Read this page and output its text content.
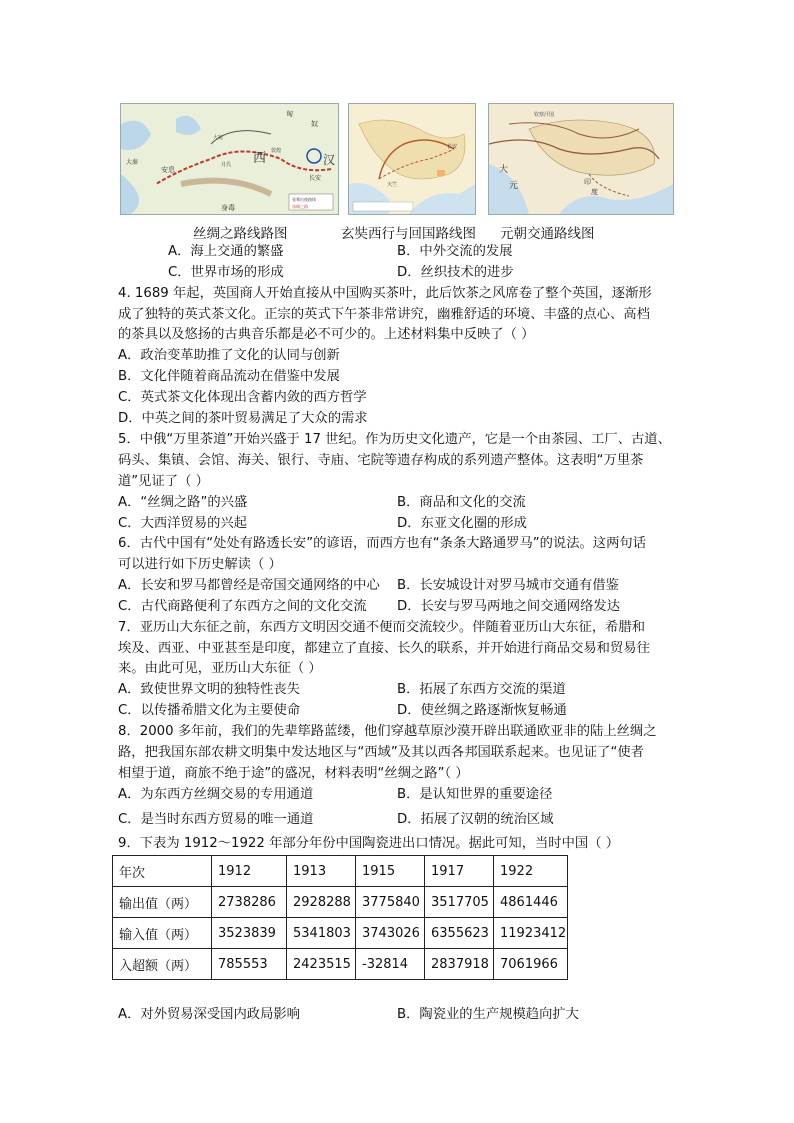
西	汉
长安
安息
身毒
匈
奴
敦煌
大宛
月氏
大秦
张骞出使路线
丝绸之路
长安
天竺
钦察汗国
大
元	印
度
丝绸之路线路图	玄奘西行与回国路线图 元朝交通路线图
A．海上交通的繁盛	B．中外交流的发展
C．世界市场的形成	D．丝织技术的进步
4. 1689 年起，英国商人开始直接从中国购买茶叶，此后饮茶之风席卷了整个英国，逐渐形
成了独特的英式茶文化。正宗的英式下午茶非常讲究，幽雅舒适的环境、丰盛的点心、高档
的茶具以及悠扬的古典音乐都是必不可少的。上述材料集中反映了（ ）
A．政治变革助推了文化的认同与创新
B．文化伴随着商品流动在借鉴中发展
C．英式茶文化体现出含蓄内敛的西方哲学
D．中英之间的茶叶贸易满足了大众的需求
5．中俄“万里茶道”开始兴盛于 17 世纪。作为历史文化遗产，它是一个由茶园、工厂、古道、
码头、集镇、会馆、海关、银行、寺庙、宅院等遗存构成的系列遗产整体。这表明“万里茶
道”见证了（ ）
A．“丝绸之路”的兴盛	B．商品和文化的交流
C．大西洋贸易的兴起	D．东亚文化圈的形成
6．古代中国有“处处有路透长安”的谚语，而西方也有“条条大路通罗马”的说法。这两句话
可以进行如下历史解读（ ）
A．长安和罗马都曾经是帝国交通网络的中心 B．长安城设计对罗马城市交通有借鉴
C．古代商路便利了东西方之间的文化交流 D．长安与罗马两地之间交通网络发达
7．亚历山大东征之前，东西方文明因交通不便而交流较少。伴随着亚历山大东征，希腊和
埃及、西亚、中亚甚至是印度，都建立了直接、长久的联系，并开始进行商品交易和贸易往
来。由此可见，亚历山大东征（ ）
A．致使世界文明的独特性丧失	B．拓展了东西方交流的渠道
C．以传播希腊文化为主要使命	D．使丝绸之路逐渐恢复畅通
8．2000 多年前，我们的先辈筚路蓝缕，他们穿越草原沙漠开辟出联通欧亚非的陆上丝绸之
路，把我国东部农耕文明集中发达地区与“西域”及其以西各邦国联系起来。也见证了“使者
相望于道，商旅不绝于途”的盛况，材料表明“丝绸之路”（ ）
A．为东西方丝绸交易的专用通道	B．是认知世界的重要途径
C．是当时东西方贸易的唯一通道	D．拓展了汉朝的统治区域
9．下表为 1912～1922 年部分年份中国陶瓷进出口情况。据此可知，当时中国（ ）
年次	1912	1913	1915	1917	1922
输出值（两）	2738286	2928288	3775840	3517705	4861446
输入值（两）	3523839	5341803	3743026	6355623	11923412
入超额（两）	785553	2423515	-32814	2837918	7061966
A．对外贸易深受国内政局影响	B．陶瓷业的生产规模趋向扩大
